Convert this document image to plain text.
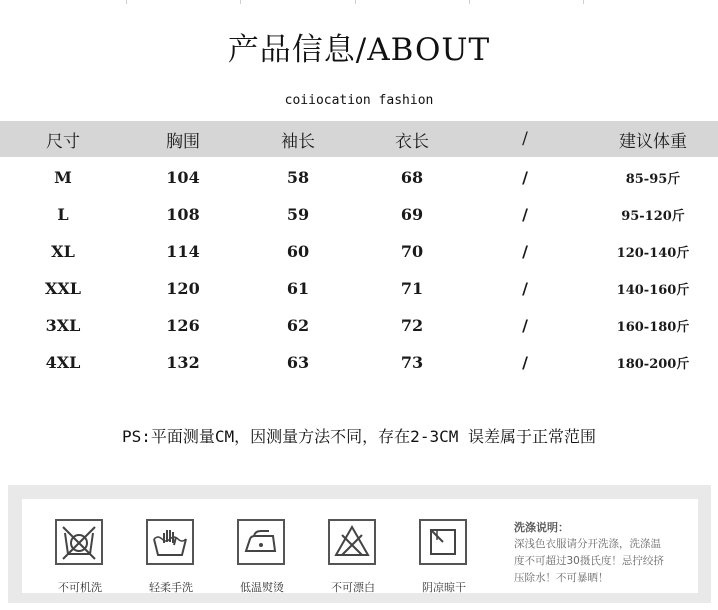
产品信息/ABOUT
coiiocation fashion
尺寸	胸围	袖长	衣长	/	建议体重
M	104	58	68	/	85-95斤
L	108	59	69	/	95-120斤
XL	114	60	70	/	120-140斤
XXL	120	61	71	/	140-160斤
3XL	126	62	72	/	160-180斤
4XL	132	63	73	/	180-200斤
PS:平面测量CM，因测量方法不同，存在2-3CM 误差属于正常范围
不可机洗	轻柔手洗	低温熨烫	不可漂白	阴凉晾干
洗涤说明：
深浅色衣服请分开洗涤，洗涤温
度不可超过30摄氏度！忌拧绞挤
压除水！不可暴晒！
